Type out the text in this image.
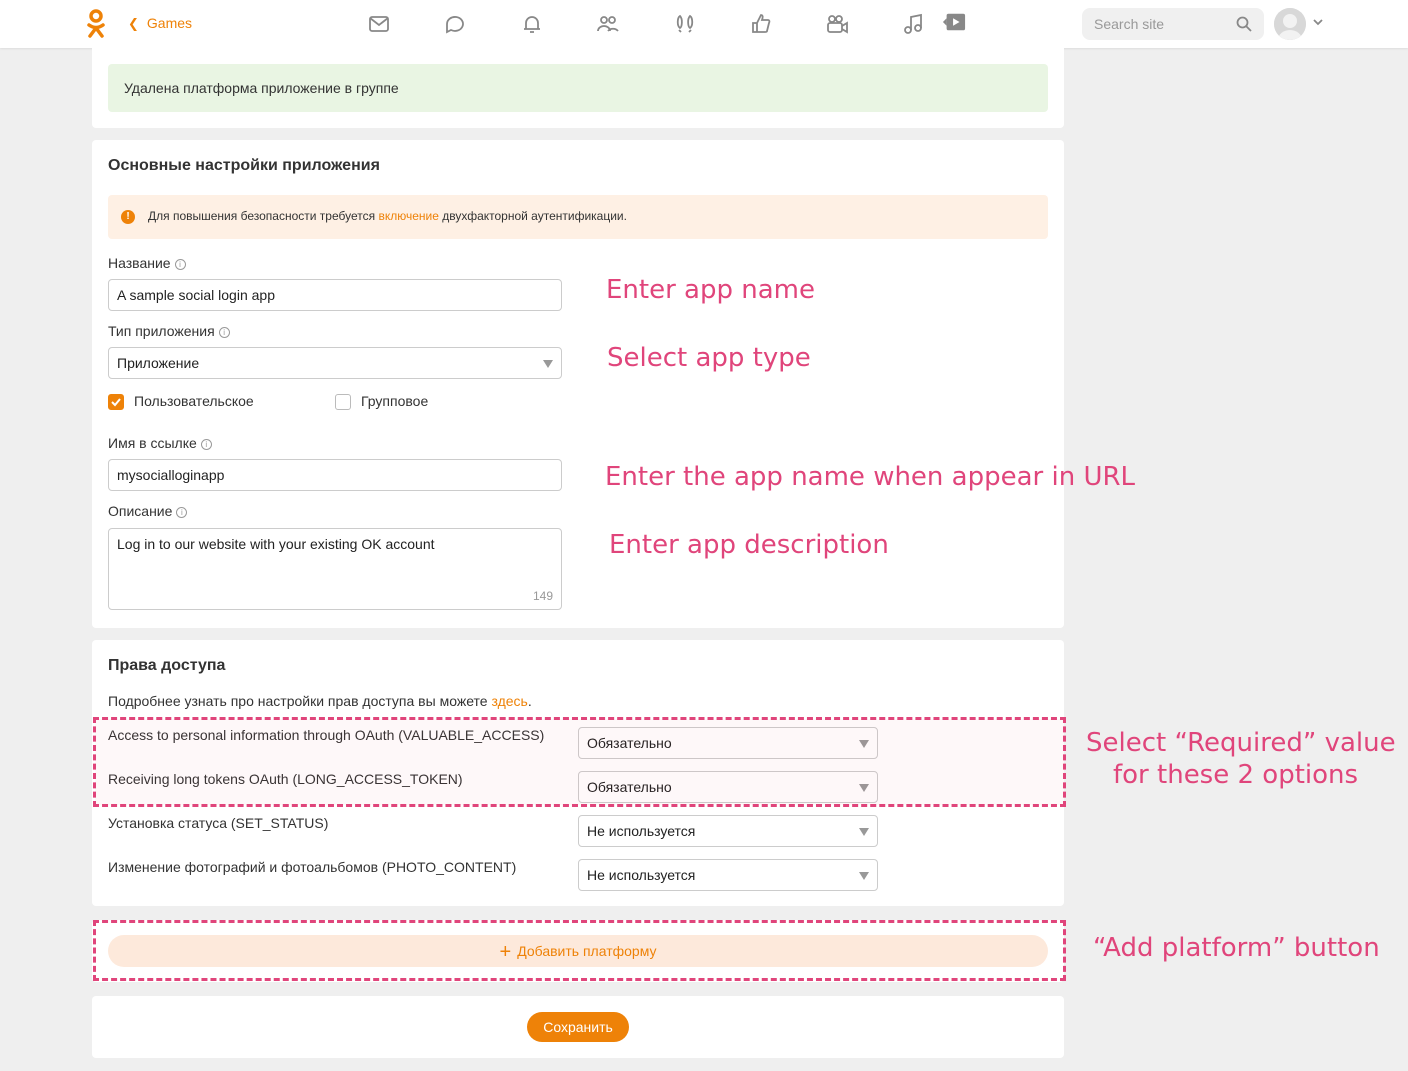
❮ Games	Search site
Удалена платформа приложение в группе
Основные настройки приложения
!	Для повышения безопасности требуется включение двухфакторной аутентификации.
Название i
A sample social login app
Тип приложения i
Приложение
Пользовательское	Групповое
Имя в ссылке i
mysocialloginapp
Описание i
Log in to our website with your existing OK account
149
Права доступа
Подробнее узнать про настройки прав доступа вы можете здесь.
Access to personal information through OAuth (VALUABLE_ACCESS)	Обязательно
Receiving long tokens OAuth (LONG_ACCESS_TOKEN)	Обязательно
Установка статуса (SET_STATUS)	Не используется
Изменение фотографий и фотоальбомов (PHOTO_CONTENT)	Не используется
+ Добавить платформу
Сохранить
Enter app name
Select app type
Enter the app name when appear in URL
Enter app description
Select “Required” value
for these 2 options
“Add platform” button
